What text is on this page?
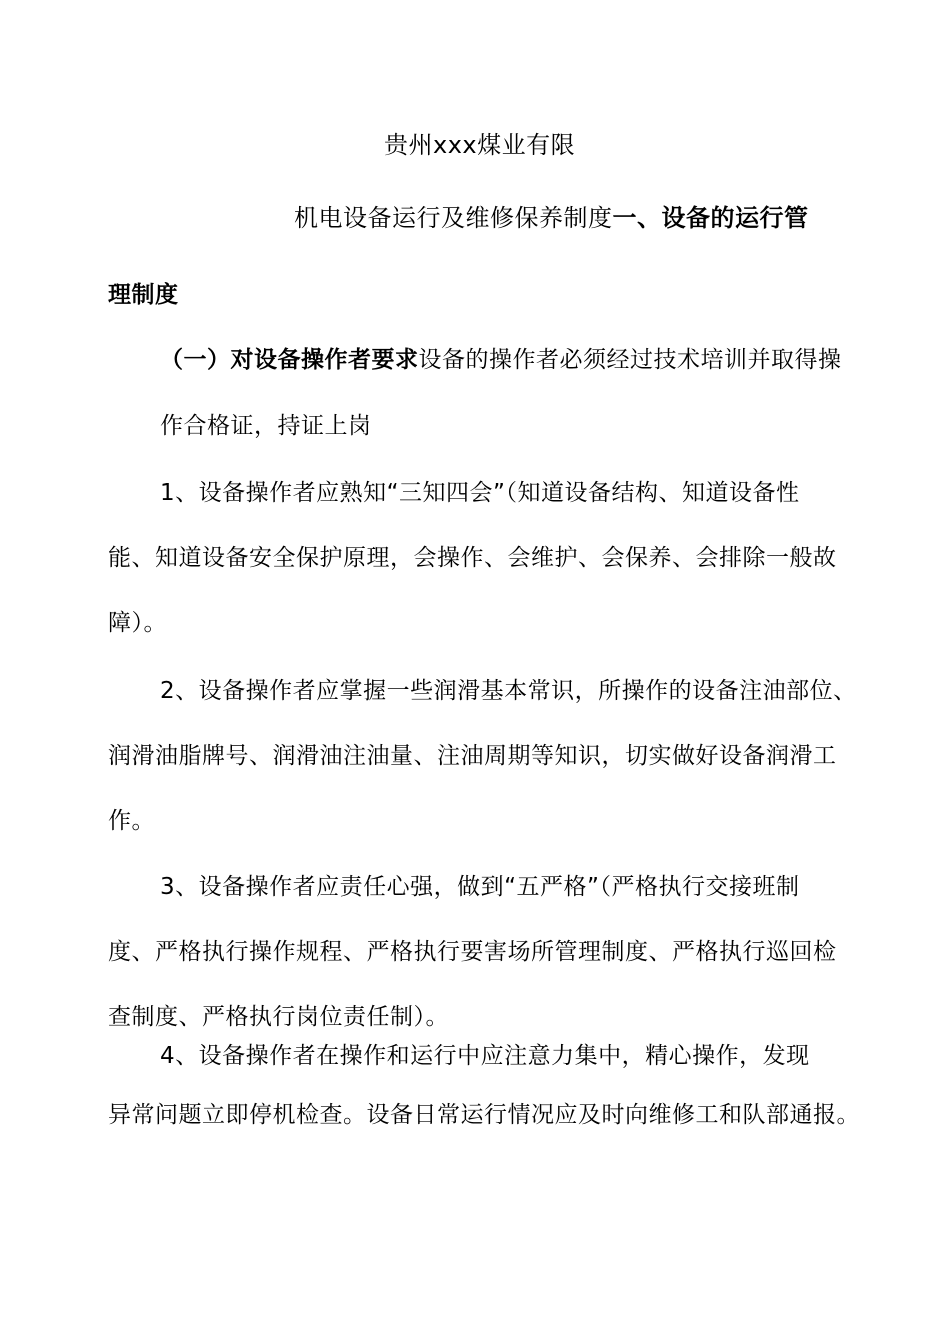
贵州xxx煤业有限
机电设备运行及维修保养制度一、设备的运行管
理制度
（一）对设备操作者要求设备的操作者必须经过技术培训并取得操
作合格证，持证上岗
1、设备操作者应熟知“三知四会”（知道设备结构、知道设备性
能、知道设备安全保护原理，会操作、会维护、会保养、会排除一般故
障）。
2、设备操作者应掌握一些润滑基本常识，所操作的设备注油部位、
润滑油脂牌号、润滑油注油量、注油周期等知识，切实做好设备润滑工
作。
3、设备操作者应责任心强，做到“五严格”（严格执行交接班制
度、严格执行操作规程、严格执行要害场所管理制度、严格执行巡回检
查制度、严格执行岗位责任制）。
4、设备操作者在操作和运行中应注意力集中，精心操作，发现
异常问题立即停机检查。设备日常运行情况应及时向维修工和队部通报。
